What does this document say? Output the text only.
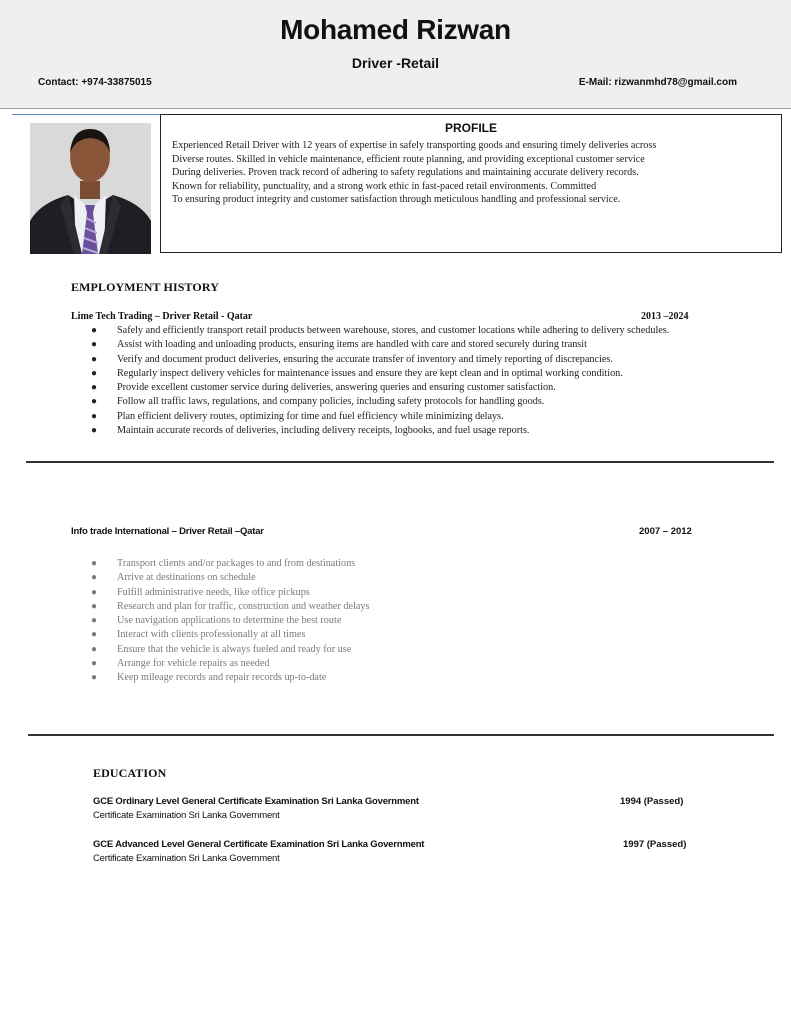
Mohamed Rizwan
Driver -Retail
Contact: +974-33875015	E-Mail: rizwanmhd78@gmail.com
PROFILE
Experienced Retail Driver with 12 years of expertise in safely transporting goods and ensuring timely deliveries across
Diverse routes. Skilled in vehicle maintenance, efficient route planning, and providing exceptional customer service
During deliveries. Proven track record of adhering to safety regulations and maintaining accurate delivery records.
Known for reliability, punctuality, and a strong work ethic in fast-paced retail environments. Committed
To ensuring product integrity and customer satisfaction through meticulous handling and professional service.
EMPLOYMENT HISTORY
Lime Tech Trading – Driver Retail - Qatar	2013 –2024
● Safely and efficiently transport retail products between warehouse, stores, and customer locations while adhering to delivery schedules.
● Assist with loading and unloading products, ensuring items are handled with care and stored securely during transit
● Verify and document product deliveries, ensuring the accurate transfer of inventory and timely reporting of discrepancies.
● Regularly inspect delivery vehicles for maintenance issues and ensure they are kept clean and in optimal working condition.
● Provide excellent customer service during deliveries, answering queries and ensuring customer satisfaction.
● Follow all traffic laws, regulations, and company policies, including safety protocols for handling goods.
● Plan efficient delivery routes, optimizing for time and fuel efficiency while minimizing delays.
● Maintain accurate records of deliveries, including delivery receipts, logbooks, and fuel usage reports.
Info trade International – Driver Retail –Qatar	2007 – 2012
● Transport clients and/or packages to and from destinations
● Arrive at destinations on schedule
● Fulfill administrative needs, like office pickups
● Research and plan for traffic, construction and weather delays
● Use navigation applications to determine the best route
● Interact with clients professionally at all times
● Ensure that the vehicle is always fueled and ready for use
● Arrange for vehicle repairs as needed
● Keep mileage records and repair records up-to-date
EDUCATION
GCE Ordinary Level General Certificate Examination Sri Lanka Government	1994 (Passed)
Certificate Examination Sri Lanka Government
GCE Advanced Level General Certificate Examination Sri Lanka Government	1997 (Passed)
Certificate Examination Sri Lanka Government
